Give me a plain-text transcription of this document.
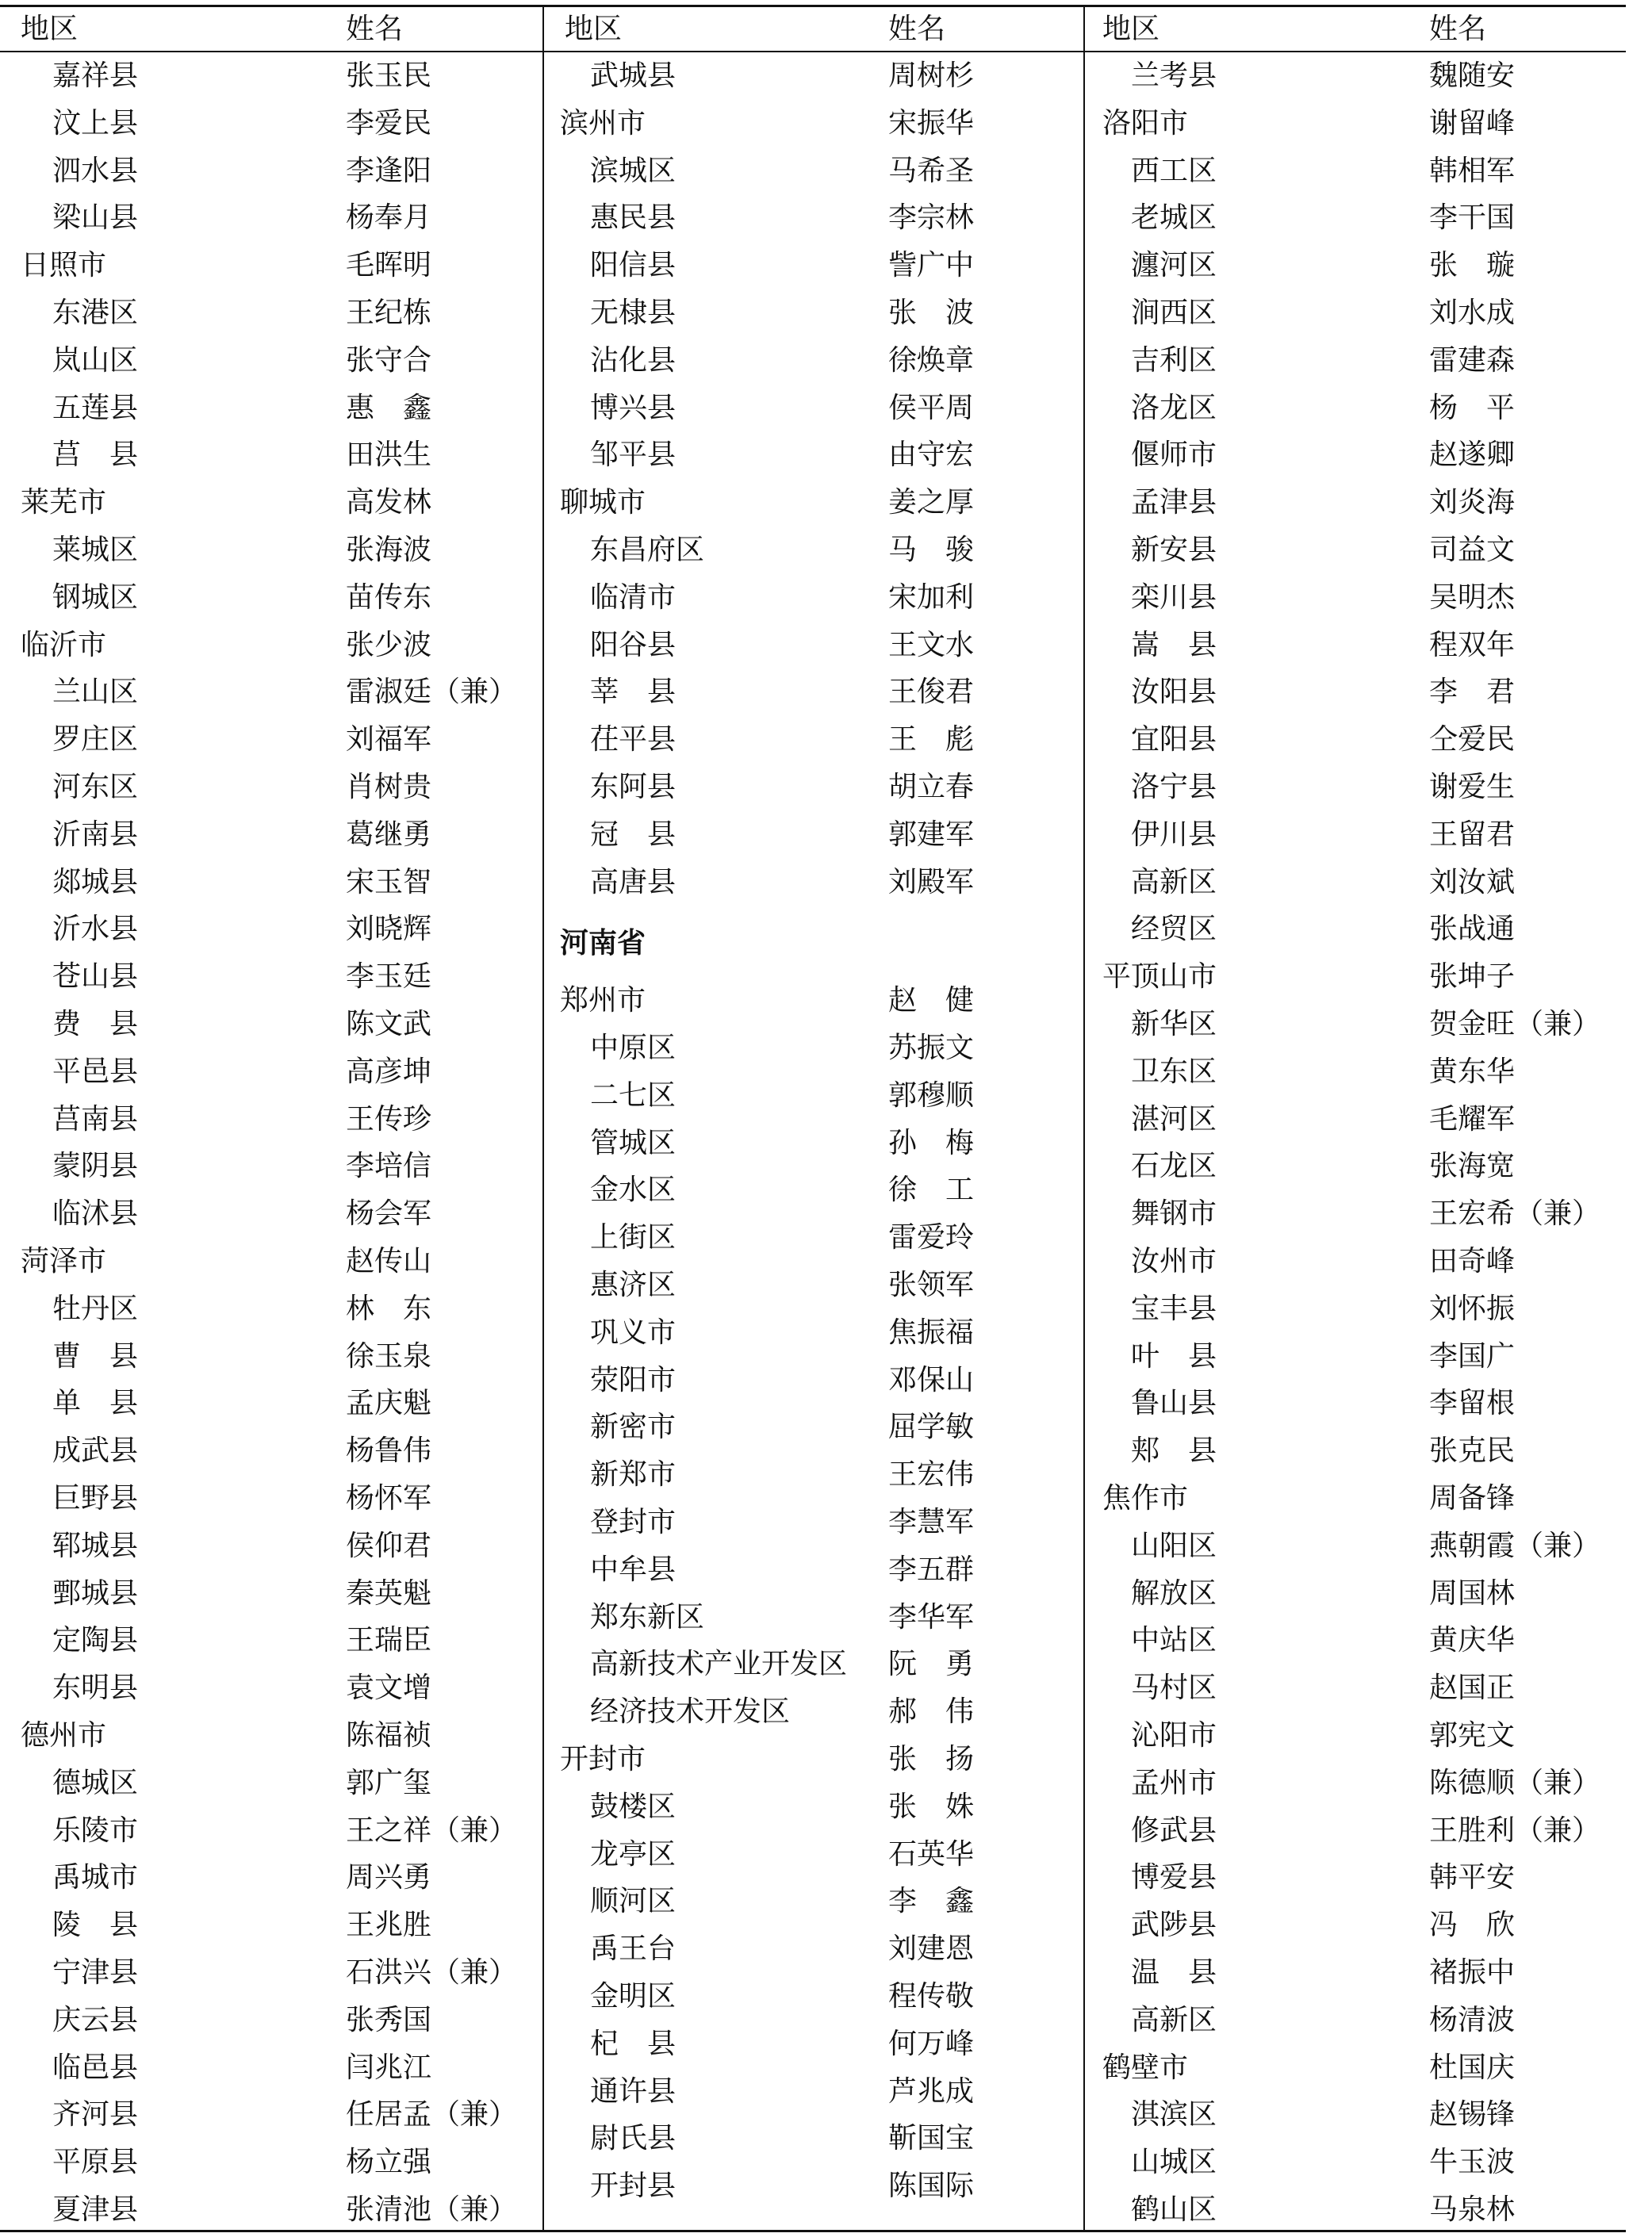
地区	姓名
嘉祥县	张玉民
汶上县	李爱民
泗水县	李逢阳
梁山县	杨奉月
日照市	毛晖明
东港区	王纪栋
岚山区	张守合
五莲县	惠　鑫
莒　县	田洪生
莱芜市	高发林
莱城区	张海波
钢城区	苗传东
临沂市	张少波
兰山区	雷淑廷（兼）
罗庄区	刘福军
河东区	肖树贵
沂南县	葛继勇
郯城县	宋玉智
沂水县	刘晓辉
苍山县	李玉廷
费　县	陈文武
平邑县	高彦坤
莒南县	王传珍
蒙阴县	李培信
临沭县	杨会军
菏泽市	赵传山
牡丹区	林　东
曹　县	徐玉泉
单　县	孟庆魁
成武县	杨鲁伟
巨野县	杨怀军
郓城县	侯仰君
鄄城县	秦英魁
定陶县	王瑞臣
东明县	袁文增
德州市	陈福祯
德城区	郭广玺
乐陵市	王之祥（兼）
禹城市	周兴勇
陵　县	王兆胜
宁津县	石洪兴（兼）
庆云县	张秀国
临邑县	闫兆江
齐河县	任居孟（兼）
平原县	杨立强
夏津县	张清池（兼）
地区	姓名
武城县	周树杉
滨州市	宋振华
滨城区	马希圣
惠民县	李宗林
阳信县	訾广中
无棣县	张　波
沾化县	徐焕章
博兴县	侯平周
邹平县	由守宏
聊城市	姜之厚
东昌府区	马　骏
临清市	宋加利
阳谷县	王文水
莘　县	王俊君
茌平县	王　彪
东阿县	胡立春
冠　县	郭建军
高唐县	刘殿军
河南省
郑州市	赵　健
中原区	苏振文
二七区	郭穆顺
管城区	孙　梅
金水区	徐　工
上街区	雷爱玲
惠济区	张领军
巩义市	焦振福
荥阳市	邓保山
新密市	屈学敏
新郑市	王宏伟
登封市	李慧军
中牟县	李五群
郑东新区	李华军
高新技术产业开发区 阮　勇
经济技术开发区	郝　伟
开封市	张　扬
鼓楼区	张　姝
龙亭区	石英华
顺河区	李　鑫
禹王台	刘建恩
金明区	程传敬
杞　县	何万峰
通许县	芦兆成
尉氏县	靳国宝
开封县	陈国际
地区	姓名
兰考县	魏随安
洛阳市	谢留峰
西工区	韩相军
老城区	李干国
瀍河区	张　璇
涧西区	刘水成
吉利区	雷建森
洛龙区	杨　平
偃师市	赵遂卿
孟津县	刘炎海
新安县	司益文
栾川县	吴明杰
嵩　县	程双年
汝阳县	李　君
宜阳县	仝爱民
洛宁县	谢爱生
伊川县	王留君
高新区	刘汝斌
经贸区	张战通
平顶山市	张坤子
新华区	贺金旺（兼）
卫东区	黄东华
湛河区	毛耀军
石龙区	张海宽
舞钢市	王宏希（兼）
汝州市	田奇峰
宝丰县	刘怀振
叶　县	李国广
鲁山县	李留根
郏　县	张克民
焦作市	周备锋
山阳区	燕朝霞（兼）
解放区	周国林
中站区	黄庆华
马村区	赵国正
沁阳市	郭宪文
孟州市	陈德顺（兼）
修武县	王胜利（兼）
博爱县	韩平安
武陟县	冯　欣
温　县	褚振中
高新区	杨清波
鹤壁市	杜国庆
淇滨区	赵锡锋
山城区	牛玉波
鹤山区	马泉林
